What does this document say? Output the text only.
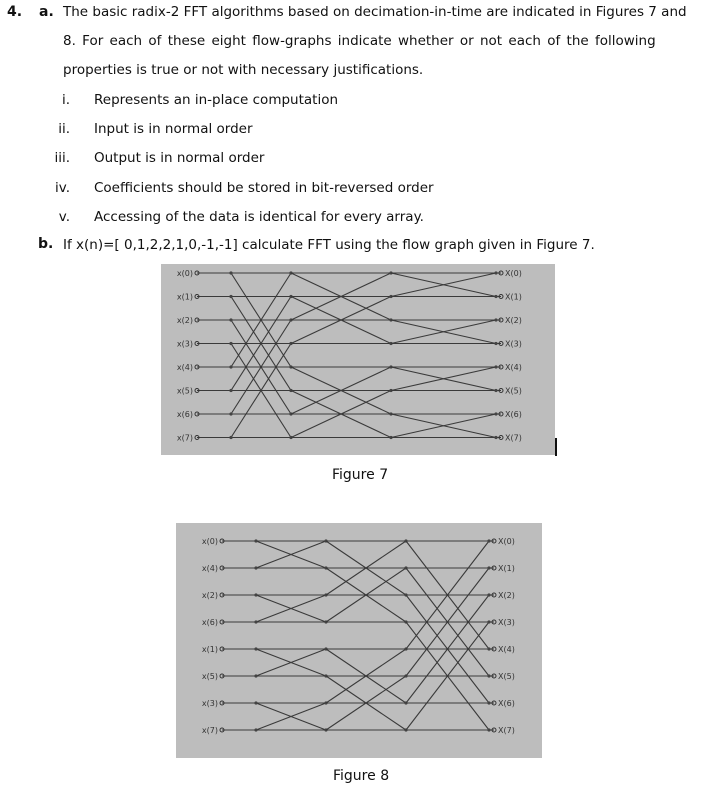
4. a. The basic radix-2 FFT algorithms based on decimation-in-time are indicated in Figures 7 and
8. For each of these eight flow-graphs indicate whether or not each of the following
properties is true or not with necessary justifications.
i. Represents an in-place computation
ii. Input is in normal order
iii. Output is in normal order
iv. Coefficients should be stored in bit-reversed order
v. Accessing of the data is identical for every array.
b. If x(n)=[ 0,1,2,2,1,0,-1,-1] calculate FFT using the flow graph given in Figure 7.
x(0)	X(0)
x(1)	X(1)
x(2)	X(2)
x(3)	X(3)
x(4)	X(4)
x(5)	X(5)
x(6)	X(6)
x(7)	X(7)
Figure 7
x(0)	X(0)
x(4)	X(1)
x(2)	X(2)
x(6)	X(3)
x(1)	X(4)
x(5)	X(5)
x(3)	X(6)
x(7)	X(7)
Figure 8
